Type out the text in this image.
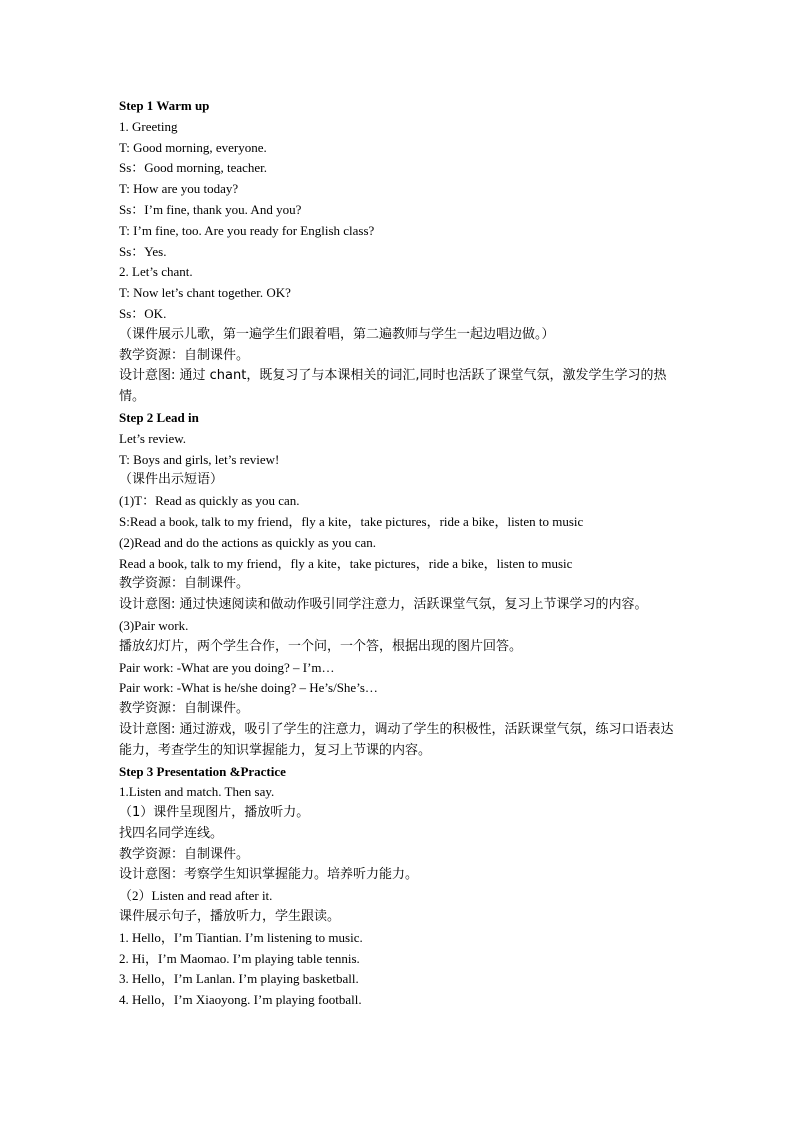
Step 1 Warm up
1. Greeting
T: Good morning, everyone.
Ss：Good morning, teacher.
T: How are you today?
Ss：I’m fine, thank you. And you?
T: I’m fine, too. Are you ready for English class?
Ss：Yes.
2. Let’s chant.
T: Now let’s chant together. OK?
Ss：OK.
（课件展示儿歌，第一遍学生们跟着唱，第二遍教师与学生一起边唱边做。）
教学资源：自制课件。
设计意图: 通过 chant，既复习了与本课相关的词汇,同时也活跃了课堂气氛，激发学生学习的热情。
Step 2 Lead in
Let’s review.
T: Boys and girls, let’s review!
（课件出示短语）
(1)T：Read as quickly as you can.
S:Read a book, talk to my friend，fly a kite，take pictures，ride a bike，listen to music
(2)Read and do the actions as quickly as you can.
Read a book, talk to my friend，fly a kite，take pictures，ride a bike，listen to music
教学资源：自制课件。
设计意图: 通过快速阅读和做动作吸引同学注意力，活跃课堂气氛，复习上节课学习的内容。
(3)Pair work.
播放幻灯片，两个学生合作，一个问，一个答，根据出现的图片回答。
Pair work: -What are you doing? – I’m…
Pair work: -What is he/she doing? – He’s/She’s…
教学资源：自制课件。
设计意图: 通过游戏，吸引了学生的注意力，调动了学生的积极性，活跃课堂气氛，练习口语表达能力，考查学生的知识掌握能力，复习上节课的内容。
Step 3 Presentation &Practice
1.Listen and match. Then say.
（1）课件呈现图片，播放听力。
找四名同学连线。
教学资源：自制课件。
设计意图：考察学生知识掌握能力。培养听力能力。
（2）Listen and read after it.
课件展示句子，播放听力，学生跟读。
1. Hello，I’m Tiantian. I’m listening to music.
2. Hi，I’m Maomao. I’m playing table tennis.
3. Hello，I’m Lanlan. I’m playing basketball.
4. Hello，I’m Xiaoyong. I’m playing football.
